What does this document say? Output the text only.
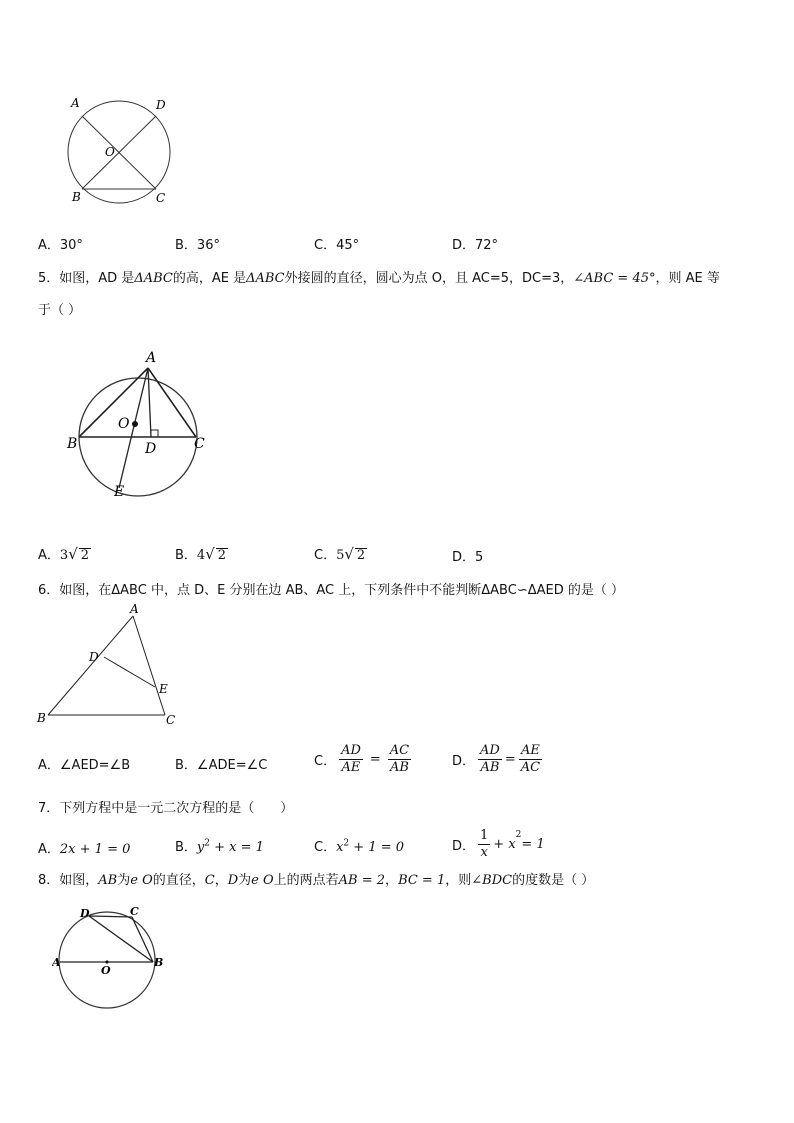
A	D
O
B	C
A．30°	B．36°	C．45°	D．72°
5．如图，AD 是ΔABC的高，AE 是ΔABC外接圆的直径，圆心为点 O，且 AC=5，DC=3，∠ABC = 45°，则 AE 等
于（ ）
A
O
D
B	C
E
A．3√ 2	B．4√ 2	C．5√ 2	D．5
6．如图，在ΔABC 中，点 D、E 分别在边 AB、AC 上，下列条件中不能判断ΔABC∽ΔAED 的是（ ）
A
D
E
B	C
A．∠AED=∠B	B．∠ADE=∠C	C． $\frac{AD}{AE} = \frac{AC}{AB}$	D． $\frac{AD}{AB} = \frac{AE}{AC}$
7．下列方程中是一元二次方程的是（　　）
A．2x + 1 = 0	B．$y^2 + x = 1$	C．$x^2 + 1 = 0$	D． $\frac{1}{x} + x$
$^2$
= 1
8．如图，AB为e O的直径，C，D为e O上的两点若AB = 2，BC = 1，则∠BDC的度数是（ ）
D	C
A
O
B
